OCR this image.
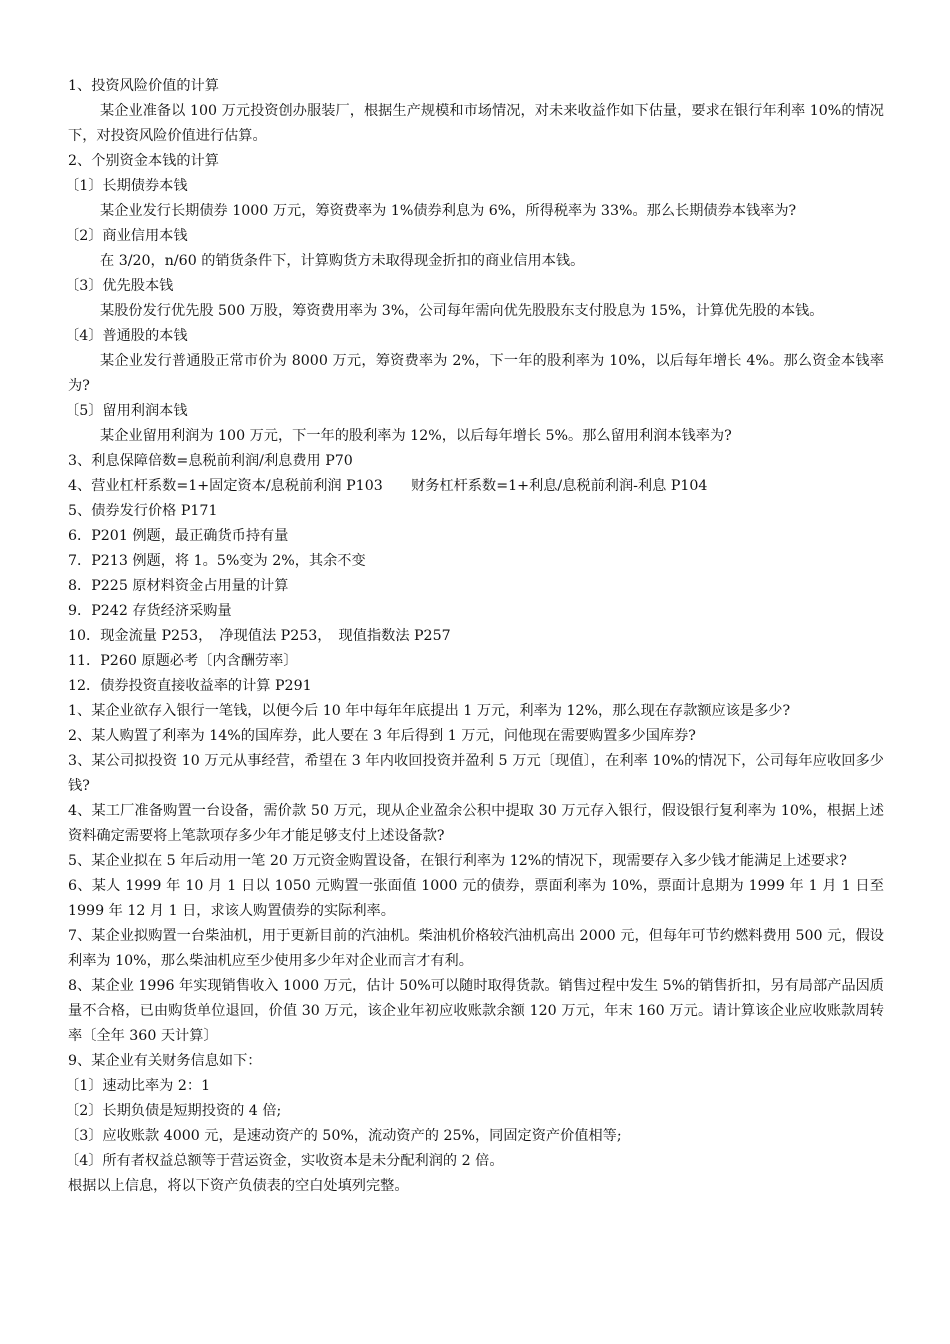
1、投资风险价值的计算

某企业准备以 100 万元投资创办服装厂，根据生产规模和市场情况，对未来收益作如下估量，要求在银行年利率 10%的情况下，对投资风险价值进行估算。

2、个别资金本钱的计算

〔1〕长期债券本钱

某企业发行长期债券 1000 万元，筹资费率为 1%债券利息为 6%，所得税率为 33%。那么长期债券本钱率为?

〔2〕商业信用本钱

在 3/20，n/60 的销货条件下，计算购货方未取得现金折扣的商业信用本钱。

〔3〕优先股本钱

某股份发行优先股 500 万股，筹资费用率为 3%，公司每年需向优先股股东支付股息为 15%，计算优先股的本钱。

〔4〕普通股的本钱

某企业发行普通股正常市价为 8000 万元，筹资费率为 2%，下一年的股利率为 10%，以后每年增长 4%。那么资金本钱率为?

〔5〕留用利润本钱

某企业留用利润为 100 万元，下一年的股利率为 12%，以后每年增长 5%。那么留用利润本钱率为?

3、利息保障倍数=息税前利润/利息费用 P70

4、营业杠杆系数=1+固定资本/息税前利润 P103　　财务杠杆系数=1+利息/息税前利润-利息 P104

5、债券发行价格 P171

6．P201 例题，最正确货币持有量

7．P213 例题，将 1。5%变为 2%，其余不变

8．P225 原材料资金占用量的计算

9．P242 存货经济采购量

10．现金流量 P253，　净现值法 P253，　现值指数法 P257

11．P260 原题必考〔内含酬劳率〕

12．债券投资直接收益率的计算 P291

1、某企业欲存入银行一笔钱，以便今后 10 年中每年年底提出 1 万元，利率为 12%，那么现在存款额应该是多少?

2、某人购置了利率为 14%的国库券，此人要在 3 年后得到 1 万元，问他现在需要购置多少国库券?

3、某公司拟投资 10 万元从事经营，希望在 3 年内收回投资并盈利 5 万元〔现值〕，在利率 10%的情况下，公司每年应收回多少钱?

4、某工厂准备购置一台设备，需价款 50 万元，现从企业盈余公积中提取 30 万元存入银行，假设银行复利率为 10%，根据上述资料确定需要将上笔款项存多少年才能足够支付上述设备款?

5、某企业拟在 5 年后动用一笔 20 万元资金购置设备，在银行利率为 12%的情况下，现需要存入多少钱才能满足上述要求?

6、某人 1999 年 10 月 1 日以 1050 元购置一张面值 1000 元的债券，票面利率为 10%，票面计息期为 1999 年 1 月 1 日至 1999 年 12 月 1 日，求该人购置债券的实际利率。

7、某企业拟购置一台柴油机，用于更新目前的汽油机。柴油机价格较汽油机高出 2000 元，但每年可节约燃料费用 500 元，假设利率为 10%，那么柴油机应至少使用多少年对企业而言才有利。

8、某企业 1996 年实现销售收入 1000 万元，估计 50%可以随时取得货款。销售过程中发生 5%的销售折扣，另有局部产品因质量不合格，已由购货单位退回，价值 30 万元，该企业年初应收账款余额 120 万元，年末 160 万元。请计算该企业应收账款周转率〔全年 360 天计算〕

9、某企业有关财务信息如下：

〔1〕速动比率为 2：1

〔2〕长期负债是短期投资的 4 倍;

〔3〕应收账款 4000 元，是速动资产的 50%，流动资产的 25%，同固定资产价值相等;

〔4〕所有者权益总额等于营运资金，实收资本是未分配利润的 2 倍。

根据以上信息，将以下资产负债表的空白处填列完整。
